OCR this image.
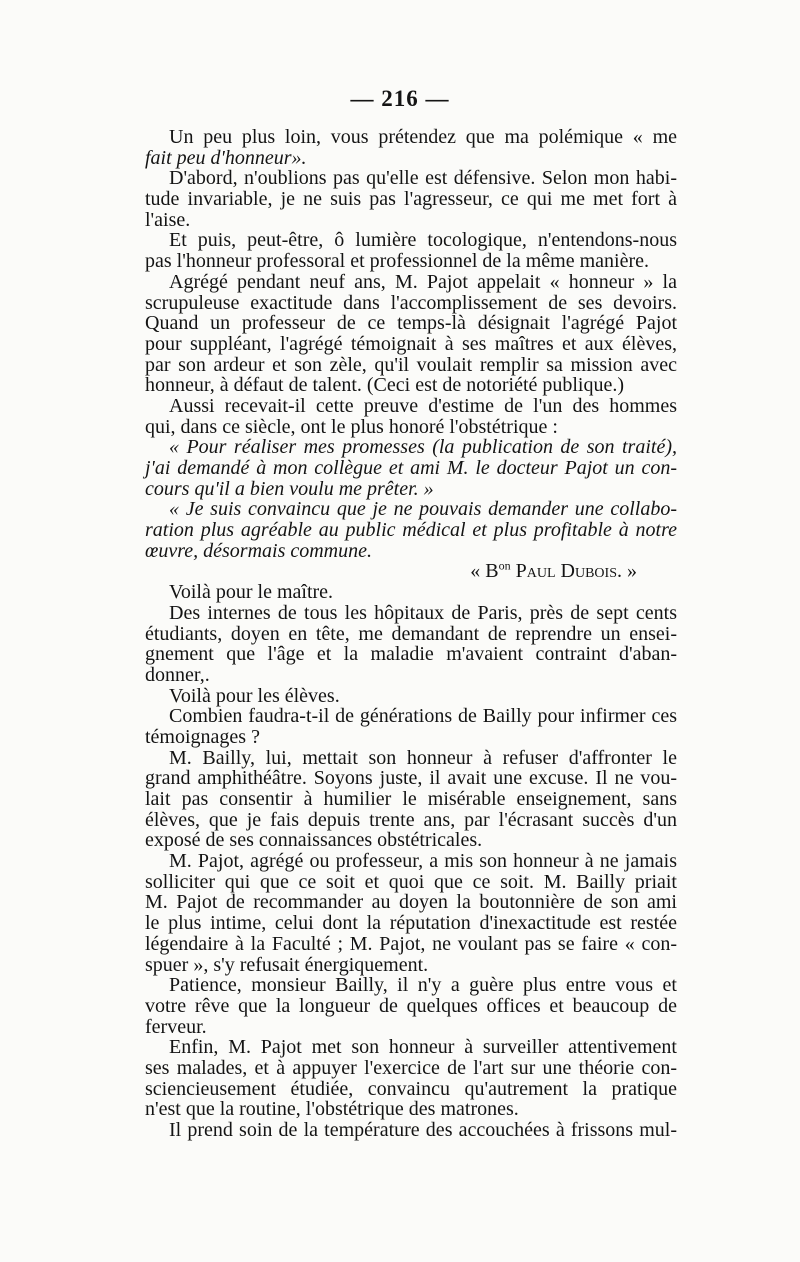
— 216 —
Un peu plus loin, vous prétendez que ma polémique « me
fait peu d'honneur».
D'abord, n'oublions pas qu'elle est défensive. Selon mon habi-
tude invariable, je ne suis pas l'agresseur, ce qui me met fort à
l'aise.
Et puis, peut-être, ô lumière tocologique, n'entendons-nous
pas l'honneur professoral et professionnel de la même manière.
Agrégé pendant neuf ans, M. Pajot appelait « honneur » la
scrupuleuse exactitude dans l'accomplissement de ses devoirs.
Quand un professeur de ce temps-là désignait l'agrégé Pajot
pour suppléant, l'agrégé témoignait à ses maîtres et aux élèves,
par son ardeur et son zèle, qu'il voulait remplir sa mission avec
honneur, à défaut de talent. (Ceci est de notoriété publique.)
Aussi recevait-il cette preuve d'estime de l'un des hommes
qui, dans ce siècle, ont le plus honoré l'obstétrique :
« Pour réaliser mes promesses (la publication de son traité),
j'ai demandé à mon collègue et ami M. le docteur Pajot un con-
cours qu'il a bien voulu me prêter. »
« Je suis convaincu que je ne pouvais demander une collabo-
ration plus agréable au public médical et plus profitable à notre
œuvre, désormais commune.
« $B^{on}$ Paul Dubois. »
Voilà pour le maître.
Des internes de tous les hôpitaux de Paris, près de sept cents
étudiants, doyen en tête, me demandant de reprendre un ensei-
gnement que l'âge et la maladie m'avaient contraint d'aban-
donner,.
Voilà pour les élèves.
Combien faudra-t-il de générations de Bailly pour infirmer ces
témoignages ?
M. Bailly, lui, mettait son honneur à refuser d'affronter le
grand amphithéâtre. Soyons juste, il avait une excuse. Il ne vou-
lait pas consentir à humilier le misérable enseignement, sans
élèves, que je fais depuis trente ans, par l'écrasant succès d'un
exposé de ses connaissances obstétricales.
M. Pajot, agrégé ou professeur, a mis son honneur à ne jamais
solliciter qui que ce soit et quoi que ce soit. M. Bailly priait
M. Pajot de recommander au doyen la boutonnière de son ami
le plus intime, celui dont la réputation d'inexactitude est restée
légendaire à la Faculté ; M. Pajot, ne voulant pas se faire « con-
spuer », s'y refusait énergiquement.
Patience, monsieur Bailly, il n'y a guère plus entre vous et
votre rêve que la longueur de quelques offices et beaucoup de
ferveur.
Enfin, M. Pajot met son honneur à surveiller attentivement
ses malades, et à appuyer l'exercice de l'art sur une théorie con-
sciencieusement étudiée, convaincu qu'autrement la pratique
n'est que la routine, l'obstétrique des matrones.
Il prend soin de la température des accouchées à frissons mul-
